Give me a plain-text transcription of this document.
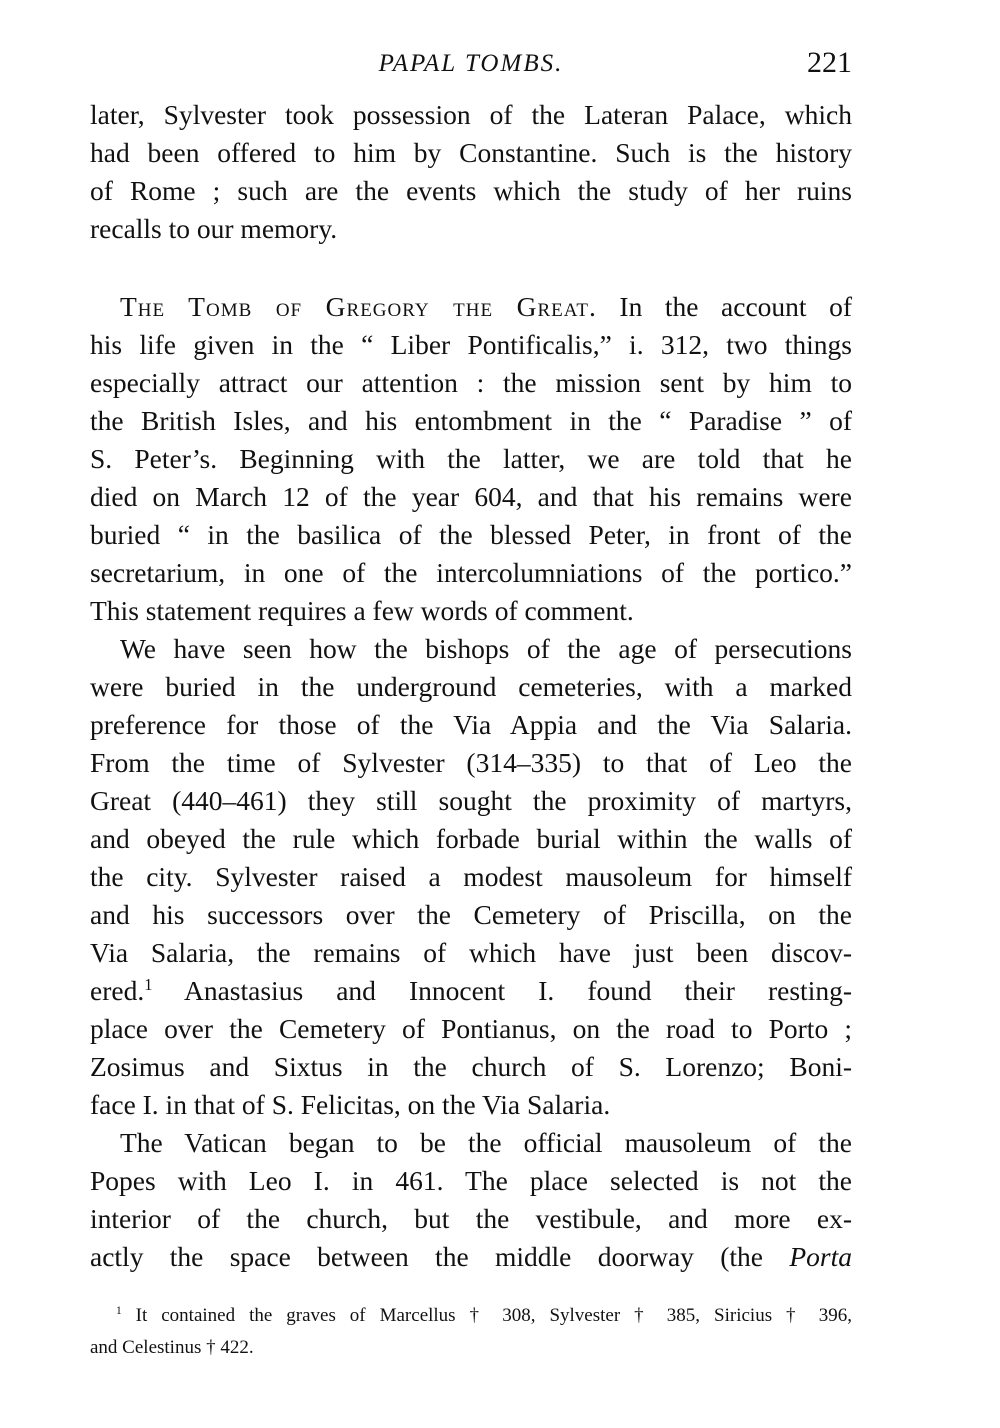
PAPAL TOMBS.	221
later, Sylvester took possession of the Lateran Palace, which
had been offered to him by Constantine. Such is the history
of Rome ; such are the events which the study of her ruins
recalls to our memory.
The Tomb of Gregory the Great. In the account of
his life given in the “ Liber Pontificalis,” i. 312, two things
especially attract our attention : the mission sent by him to
the British Isles, and his entombment in the “ Paradise ” of
S. Peter’s. Beginning with the latter, we are told that he
died on March 12 of the year 604, and that his remains were
buried “ in the basilica of the blessed Peter, in front of the
secretarium, in one of the intercolumniations of the portico.”
This statement requires a few words of comment.
We have seen how the bishops of the age of persecutions
were buried in the underground cemeteries, with a marked
preference for those of the Via Appia and the Via Salaria.
From the time of Sylvester (314–335) to that of Leo the
Great (440–461) they still sought the proximity of martyrs,
and obeyed the rule which forbade burial within the walls of
the city. Sylvester raised a modest mausoleum for himself
and his successors over the Cemetery of Priscilla, on the
Via Salaria, the remains of which have just been discov-
ered.$^1$ Anastasius and Innocent I. found their resting-
place over the Cemetery of Pontianus, on the road to Porto ;
Zosimus and Sixtus in the church of S. Lorenzo; Boni-
face I. in that of S. Felicitas, on the Via Salaria.
The Vatican began to be the official mausoleum of the
Popes with Leo I. in 461. The place selected is not the
interior of the church, but the vestibule, and more ex-
actly the space between the middle doorway (the Porta
$^1$ It contained the graves of Marcellus † 308, Sylvester † 385, Siricius † 396,
and Celestinus † 422.
